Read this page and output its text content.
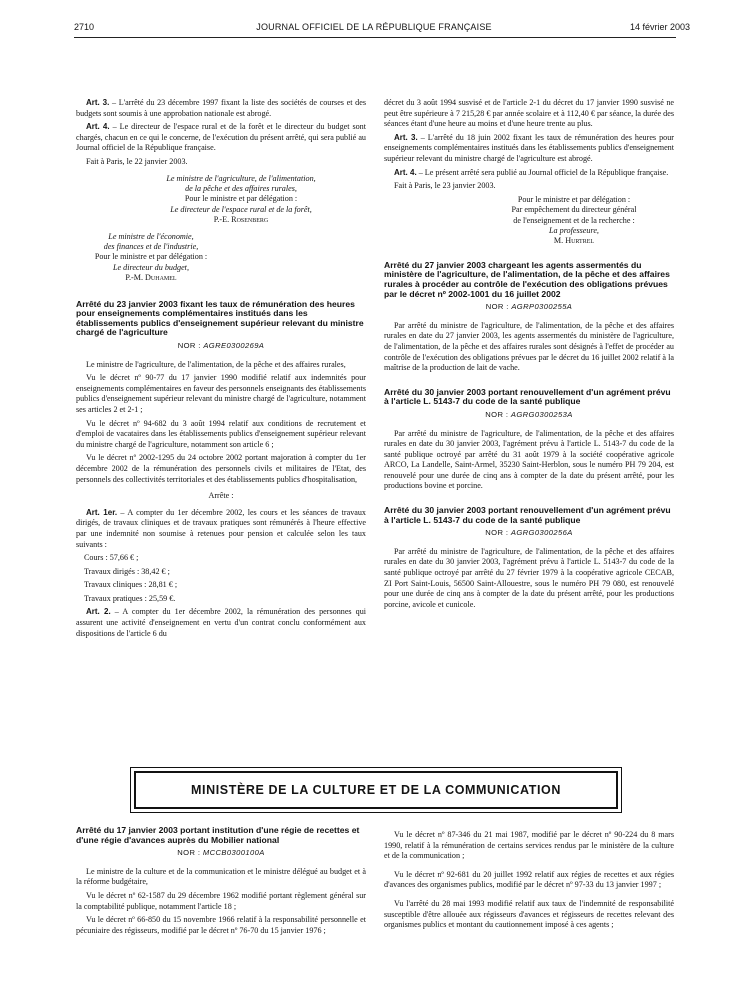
2710	JOURNAL OFFICIEL DE LA RÉPUBLIQUE FRANÇAISE	14 février 2003

Art. 3. – L'arrêté du 23 décembre 1997 fixant la liste des sociétés de courses et des budgets sont soumis à une approbation nationale est abrogé.

Art. 4. – Le directeur de l'espace rural et de la forêt et le directeur du budget sont chargés, chacun en ce qui le concerne, de l'exécution du présent arrêté, qui sera publié au Journal officiel de la République française.

Fait à Paris, le 22 janvier 2003.

Le ministre de l'agriculture, de l'alimentation,
de la pêche et des affaires rurales,
Pour le ministre et par délégation :
Le directeur de l'espace rural et de la forêt,
P.-E. Rosenberg
Le ministre de l'économie,
des finances et de l'industrie,
Pour le ministre et par délégation :
Le directeur du budget,
P.-M. Duhamel
Arrêté du 23 janvier 2003 fixant les taux de rémunération des heures pour enseignements complémentaires institués dans les établissements publics d'enseignement supérieur relevant du ministre chargé de l'agriculture
NOR : AGRE0300269A

Le ministre de l'agriculture, de l'alimentation, de la pêche et des affaires rurales,

Vu le décret nº 90-77 du 17 janvier 1990 modifié relatif aux indemnités pour enseignements complémentaires en faveur des personnels enseignants des établissements publics d'enseignement supérieur relevant du ministre chargé de l'agriculture, notamment ses articles 2 et 2-1 ;

Vu le décret nº 94-682 du 3 août 1994 relatif aux conditions de recrutement et d'emploi de vacataires dans les établissements publics d'enseignement supérieur relevant du ministre chargé de l'agriculture, notamment son article 6 ;

Vu le décret nº 2002-1295 du 24 octobre 2002 portant majoration à compter du 1er décembre 2002 de la rémunération des personnels civils et militaires de l'Etat, des personnels des collectivités territoriales et des établissements publics d'hospitalisation,

Arrête :

Art. 1er. – A compter du 1er décembre 2002, les cours et les séances de travaux dirigés, de travaux cliniques et de travaux pratiques sont rémunérés à l'heure effective par une indemnité non soumise à retenues pour pension et calculée selon les taux suivants :

Cours : 57,66 € ;

Travaux dirigés : 38,42 € ;

Travaux cliniques : 28,81 € ;

Travaux pratiques : 25,59 €.

Art. 2. – A compter du 1er décembre 2002, la rémunération des personnes qui assurent une activité d'enseignement en vertu d'un contrat conclu conformément aux dispositions de l'article 6 du

décret du 3 août 1994 susvisé et de l'article 2-1 du décret du 17 janvier 1990 susvisé ne peut être supérieure à 7 215,28 € par année scolaire et à 112,40 € par séance, la durée des séances étant d'une heure au moins et d'une heure trente au plus.

Art. 3. – L'arrêté du 18 juin 2002 fixant les taux de rémunération des heures pour enseignements complémentaires institués dans les établissements publics d'enseignement supérieur relevant du ministre chargé de l'agriculture est abrogé.

Art. 4. – Le présent arrêté sera publié au Journal officiel de la République française.

Fait à Paris, le 23 janvier 2003.

Pour le ministre et par délégation :
Par empêchement du directeur général
de l'enseignement et de la recherche :
La professeure,
M. Hurtrel
Arrêté du 27 janvier 2003 chargeant les agents assermentés du ministère de l'agriculture, de l'alimentation, de la pêche et des affaires rurales à procéder au contrôle de l'exécution des obligations prévues par le décret nº 2002-1001 du 16 juillet 2002
NOR : AGRP0300255A

Par arrêté du ministre de l'agriculture, de l'alimentation, de la pêche et des affaires rurales en date du 27 janvier 2003, les agents assermentés du ministère de l'agriculture, de l'alimentation, de la pêche et des affaires rurales sont désignés à l'effet de procéder au contrôle de l'exécution des obligations prévues par le décret du 16 juillet 2002 relatif à la maîtrise de la production de lait de vache.

Arrêté du 30 janvier 2003 portant renouvellement d'un agrément prévu à l'article L. 5143-7 du code de la santé publique
NOR : AGRG0300253A

Par arrêté du ministre de l'agriculture, de l'alimentation, de la pêche et des affaires rurales en date du 30 janvier 2003, l'agrément prévu à l'article L. 5143-7 du code de la santé publique octroyé par arrêté du 31 août 1979 à la société coopérative agricole ARCO, La Landelle, Saint-Armel, 35230 Saint-Herblon, sous le numéro PH 79 204, est renouvelé pour une durée de cinq ans à compter de la date du présent arrêté, pour les productions bovine et porcine.

Arrêté du 30 janvier 2003 portant renouvellement d'un agrément prévu à l'article L. 5143-7 du code de la santé publique
NOR : AGRG0300256A

Par arrêté du ministre de l'agriculture, de l'alimentation, de la pêche et des affaires rurales en date du 30 janvier 2003, l'agrément prévu à l'article L. 5143-7 du code de la santé publique octroyé par arrêté du 27 février 1979 à la coopérative agricole CECAB, ZI Port Saint-Louis, 56500 Saint-Allouestre, sous le numéro PH 79 080, est renouvelé pour une durée de cinq ans à compter de la date du présent arrêté, pour les productions porcine, avicole et cunicole.

MINISTÈRE DE LA CULTURE ET DE LA COMMUNICATION
Arrêté du 17 janvier 2003 portant institution d'une régie de recettes et d'une régie d'avances auprès du Mobilier national
NOR : MCCB0300100A

Le ministre de la culture et de la communication et le ministre délégué au budget et à la réforme budgétaire,

Vu le décret nº 62-1587 du 29 décembre 1962 modifié portant règlement général sur la comptabilité publique, notamment l'article 18 ;

Vu le décret nº 66-850 du 15 novembre 1966 relatif à la responsabilité personnelle et pécuniaire des régisseurs, modifié par le décret nº 76-70 du 15 janvier 1976 ;

Vu le décret nº 87-346 du 21 mai 1987, modifié par le décret nº 90-224 du 8 mars 1990, relatif à la rémunération de certains services rendus par le ministère de la culture et de la communication ;

Vu le décret nº 92-681 du 20 juillet 1992 relatif aux régies de recettes et aux régies d'avances des organismes publics, modifié par le décret nº 97-33 du 13 janvier 1997 ;

Vu l'arrêté du 28 mai 1993 modifié relatif aux taux de l'indemnité de responsabilité susceptible d'être allouée aux régisseurs d'avances et régisseurs de recettes relevant des organismes publics et montant du cautionnement imposé à ces agents ;
